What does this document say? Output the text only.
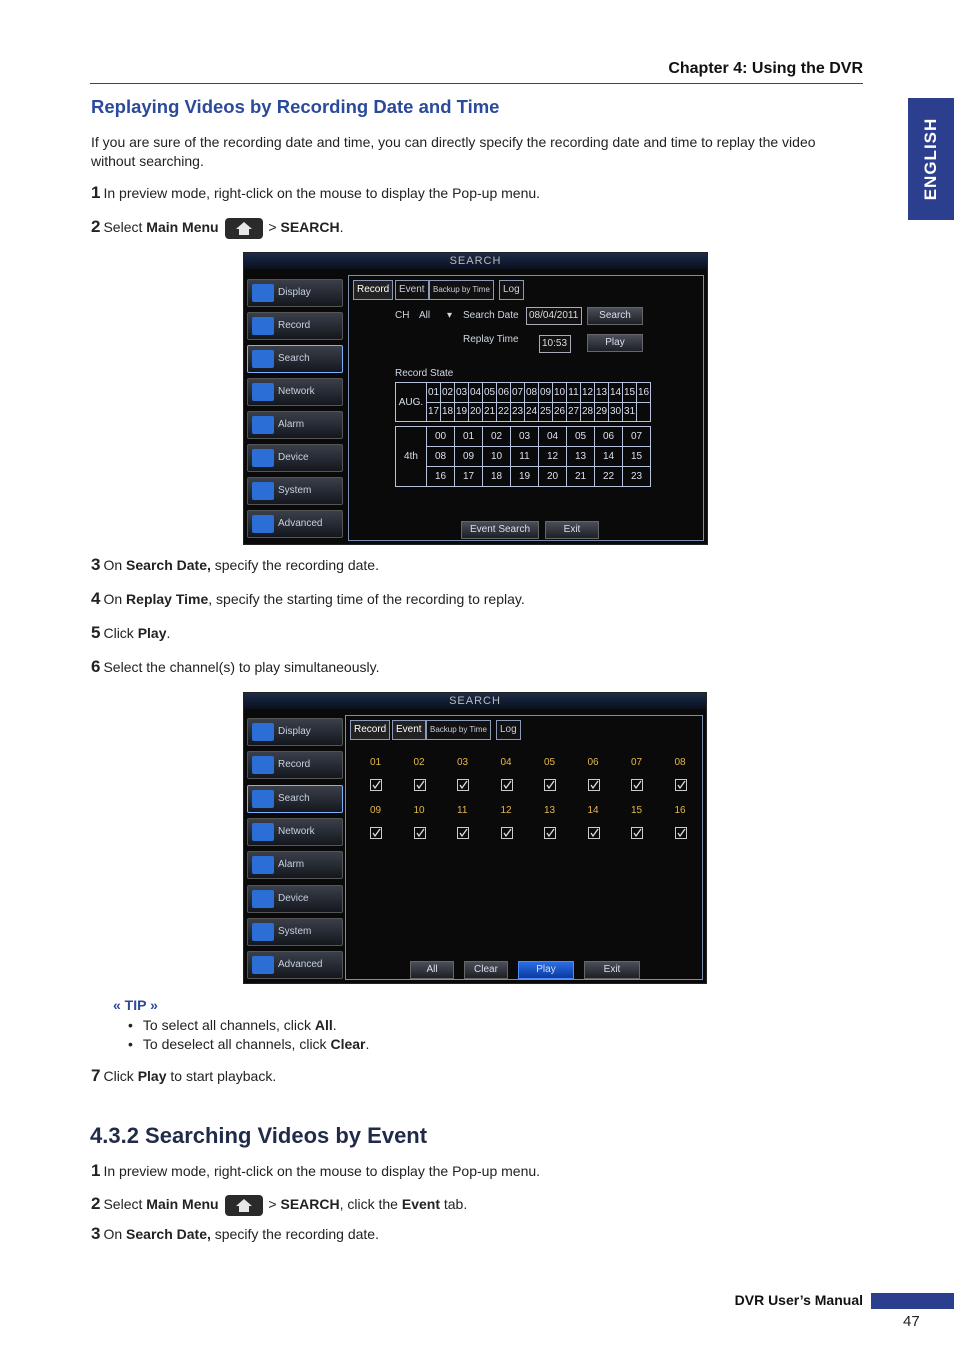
Chapter 4: Using the DVR
ENGLISH
Replaying Videos by Recording Date and Time
If you are sure of the recording date and time, you can directly specify the recording date and time to replay the video without searching.
1 In preview mode, right-click on the mouse to display the Pop-up menu.
2 Select Main Menu	> SEARCH.
SEARCH
Display
Record
Search
Network
Alarm
Device
System
Advanced
Record Event	Backup by Time	Log
CH All ▾ Search Date	08/04/2011	Search
Replay Time	10:53	Play
Record State
AUG.	01	02	03	04	05	06	07	08	09	10	11	12	13	14	15	16
	17	18	19	20	21	22	23	24	25	26	27	28	29	30	31	
4th	00	01	02	03	04	05	06	07
	08	09	10	11	12	13	14	15
	16	17	18	19	20	21	22	23
Event Search	Exit
3 On Search Date, specify the recording date.
4 On Replay Time, specify the starting time of the recording to replay.
5 Click Play.
6 Select the channel(s) to play simultaneously.
SEARCH
Display
Record
Search
Network
Alarm
Device
System
Advanced
Record Event	Backup by Time	Log
01	02	03	04	05	06	07	08
09	10	11	12	13	14	15	16
All	Clear	Play	Exit
« TIP »
• To select all channels, click All.
• To deselect all channels, click Clear.
7 Click Play to start playback.
4.3.2 Searching Videos by Event
1 In preview mode, right-click on the mouse to display the Pop-up menu.
2 Select Main Menu	> SEARCH, click the Event tab.
3 On Search Date, specify the recording date.
DVR User’s Manual
47
